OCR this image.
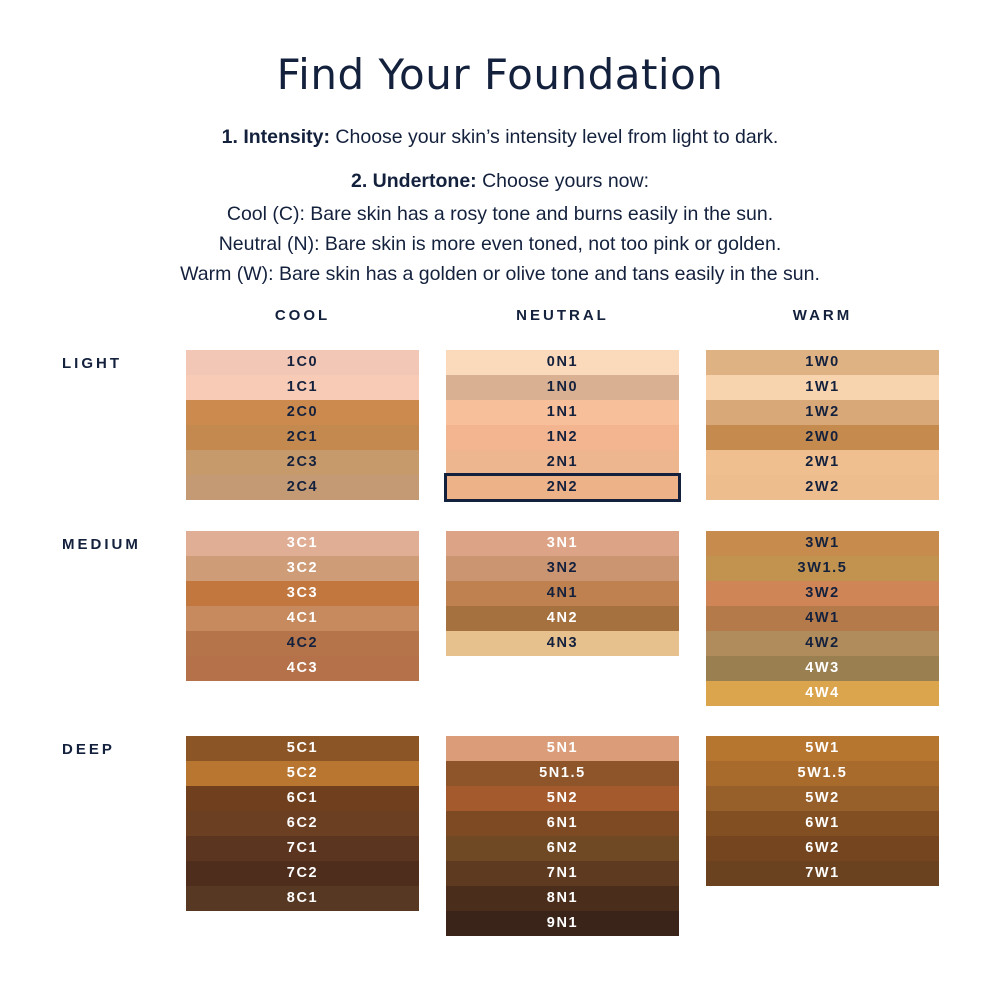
Find Your Foundation
1. Intensity: Choose your skin’s intensity level from light to dark.
2. Undertone: Choose yours now:
Cool (C): Bare skin has a rosy tone and burns easily in the sun.
Neutral (N): Bare skin is more even toned, not too pink or golden.
Warm (W): Bare skin has a golden or olive tone and tans easily in the sun.
COOL	NEUTRAL	WARM
LIGHT
MEDIUM
DEEP
1C0
1C1
2C0
2C1
2C3
2C4
0N1
1N0
1N1
1N2
2N1
2N2
1W0
1W1
1W2
2W0
2W1
2W2
3C1
3C2
3C3
4C1
4C2
4C3
3N1
3N2
4N1
4N2
4N3
3W1
3W1.5
3W2
4W1
4W2
4W3
4W4
5C1
5C2
6C1
6C2
7C1
7C2
8C1
5N1
5N1.5
5N2
6N1
6N2
7N1
8N1
9N1
5W1
5W1.5
5W2
6W1
6W2
7W1
